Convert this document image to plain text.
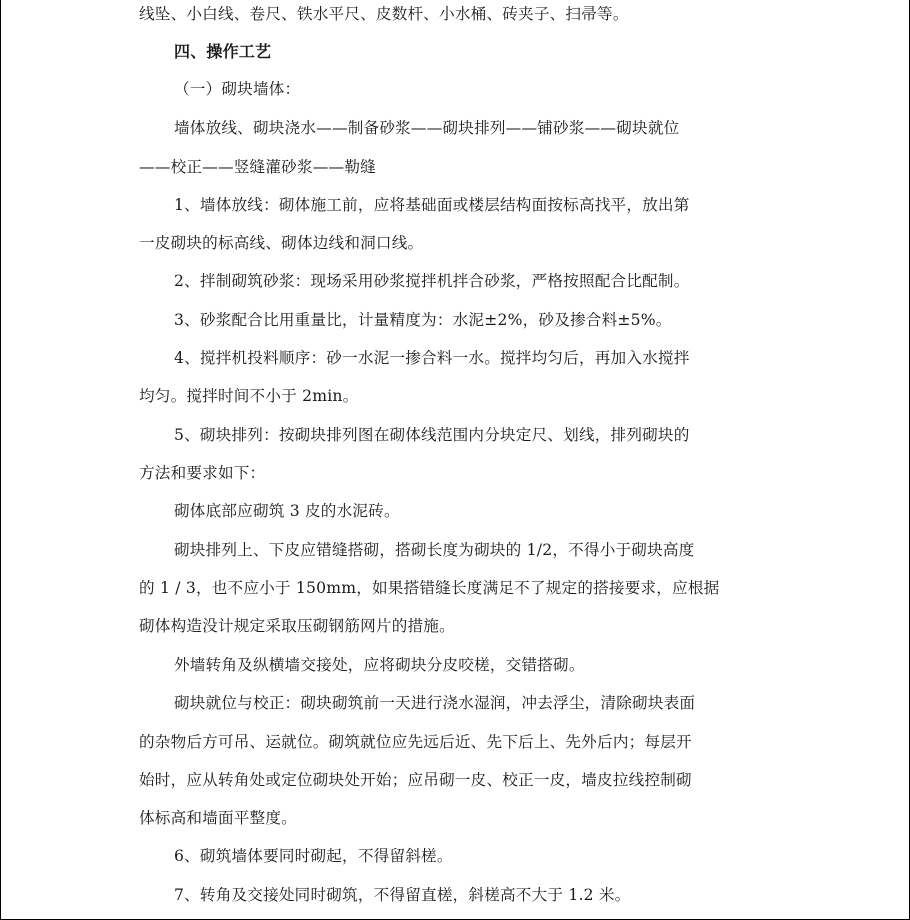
线坠、小白线、卷尺、铁水平尺、皮数杆、小水桶、砖夹子、扫帚等。
四、操作工艺
（一）砌块墙体：
墙体放线、砌块浇水——制备砂浆——砌块排列——铺砂浆——砌块就位
——校正——竖缝灌砂浆——勒缝
1、墙体放线：砌体施工前，应将基础面或楼层结构面按标高找平，放出第
一皮砌块的标高线、砌体边线和洞口线。
2、拌制砌筑砂浆：现场采用砂浆搅拌机拌合砂浆，严格按照配合比配制。
3、砂浆配合比用重量比，计量精度为：水泥±2%，砂及掺合料±5%。
4、搅拌机投料顺序：砂一水泥一掺合料一水。搅拌均匀后，再加入水搅拌
均匀。搅拌时间不小于 2min。
5、砌块排列：按砌块排列图在砌体线范围内分块定尺、划线，排列砌块的
方法和要求如下：
砌体底部应砌筑 3 皮的水泥砖。
砌块排列上、下皮应错缝搭砌，搭砌长度为砌块的 1/2，不得小于砌块高度
的 1 / 3，也不应小于 150mm，如果搭错缝长度满足不了规定的搭接要求，应根据
砌体构造没计规定采取压砌钢筋网片的措施。
外墙转角及纵横墙交接处，应将砌块分皮咬槎，交错搭砌。
砌块就位与校正：砌块砌筑前一天进行浇水湿润，冲去浮尘，清除砌块表面
的杂物后方可吊、运就位。砌筑就位应先远后近、先下后上、先外后内；每层开
始时，应从转角处或定位砌块处开始；应吊砌一皮、校正一皮，墙皮拉线控制砌
体标高和墙面平整度。
6、砌筑墙体要同时砌起，不得留斜槎。
7、转角及交接处同时砌筑，不得留直槎，斜槎高不大于 1.2 米。
